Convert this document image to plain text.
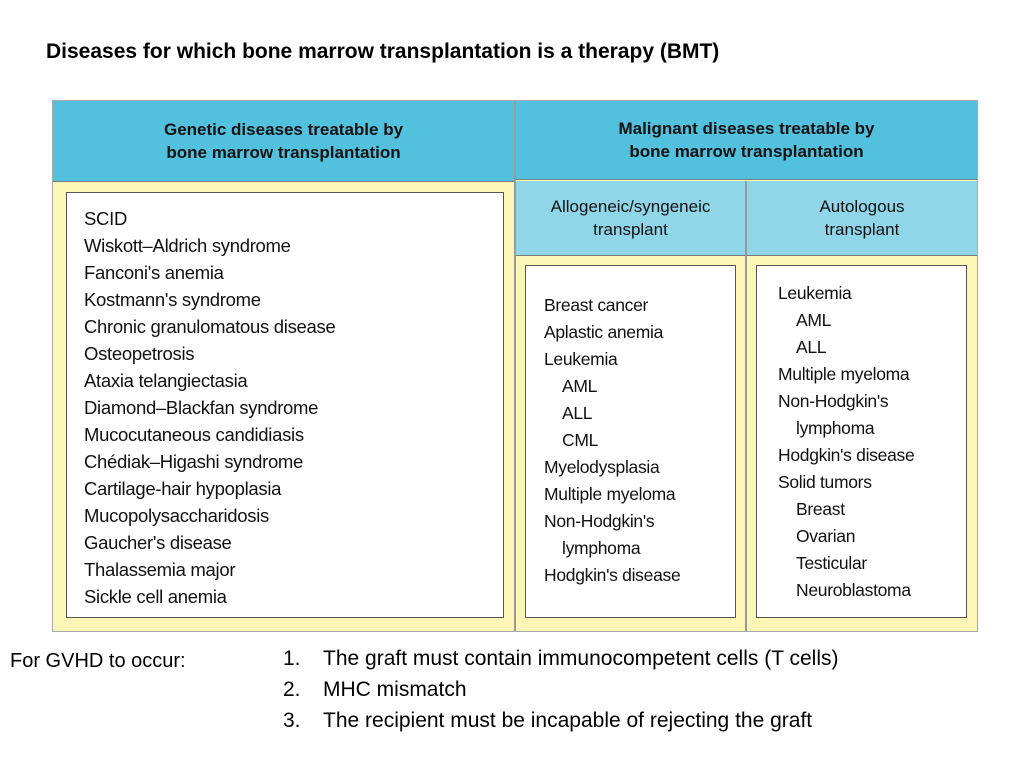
Diseases for which bone marrow transplantation is a therapy (BMT)
Genetic diseases treatable by
bone marrow transplantation
Malignant diseases treatable by
bone marrow transplantation
Allogeneic/syngeneic
transplant
Autologous
transplant
SCID
Wiskott–Aldrich syndrome
Fanconi's anemia
Kostmann's syndrome
Chronic granulomatous disease
Osteopetrosis
Ataxia telangiectasia
Diamond–Blackfan syndrome
Mucocutaneous candidiasis
Chédiak–Higashi syndrome
Cartilage-hair hypoplasia
Mucopolysaccharidosis
Gaucher's disease
Thalassemia major
Sickle cell anemia
Breast cancer
Aplastic anemia
Leukemia
AML
ALL
CML
Myelodysplasia
Multiple myeloma
Non-Hodgkin's
lymphoma
Hodgkin's disease
Leukemia
AML
ALL
Multiple myeloma
Non-Hodgkin's
lymphoma
Hodgkin's disease
Solid tumors
Breast
Ovarian
Testicular
Neuroblastoma
For GVHD to occur:	1. The graft must contain immunocompetent cells (T cells)
2. MHC mismatch
3. The recipient must be incapable of rejecting the graft
